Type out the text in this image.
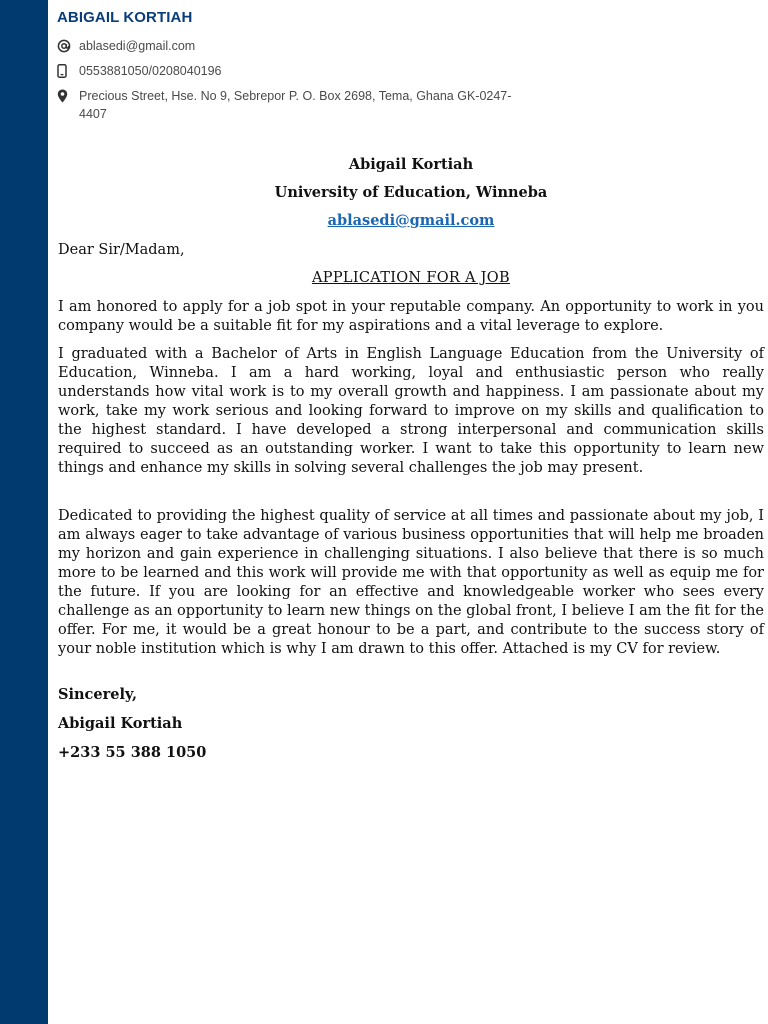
ABIGAIL KORTIAH
ablasedi@gmail.com
0553881050/0208040196
Precious Street, Hse. No 9, Sebrepor P. O. Box 2698, Tema, Ghana GK-0247-4407
Abigail Kortiah
University of Education, Winneba
ablasedi@gmail.com
Dear Sir/Madam,
APPLICATION FOR A JOB

I am honored to apply for a job spot in your reputable company. An opportunity to work in you company would be a suitable fit for my aspirations and a vital leverage to explore.

I graduated with a Bachelor of Arts in English Language Education from the University of Education, Winneba. I am a hard working, loyal and enthusiastic person who really understands how vital work is to my overall growth and happiness. I am passionate about my work, take my work serious and looking forward to improve on my skills and qualification to the highest standard. I have developed a strong interpersonal and communication skills required to succeed as an outstanding worker. I want to take this opportunity to learn new things and enhance my skills in solving several challenges the job may present.

Dedicated to providing the highest quality of service at all times and passionate about my job, I am always eager to take advantage of various business opportunities that will help me broaden my horizon and gain experience in challenging situations. I also believe that there is so much more to be learned and this work will provide me with that opportunity as well as equip me for the future. If you are looking for an effective and knowledgeable worker who sees every challenge as an opportunity to learn new things on the global front, I believe I am the fit for the offer. For me, it would be a great honour to be a part, and contribute to the success story of your noble institution which is why I am drawn to this offer. Attached is my CV for review.

Sincerely,
Abigail Kortiah
+233 55 388 1050
